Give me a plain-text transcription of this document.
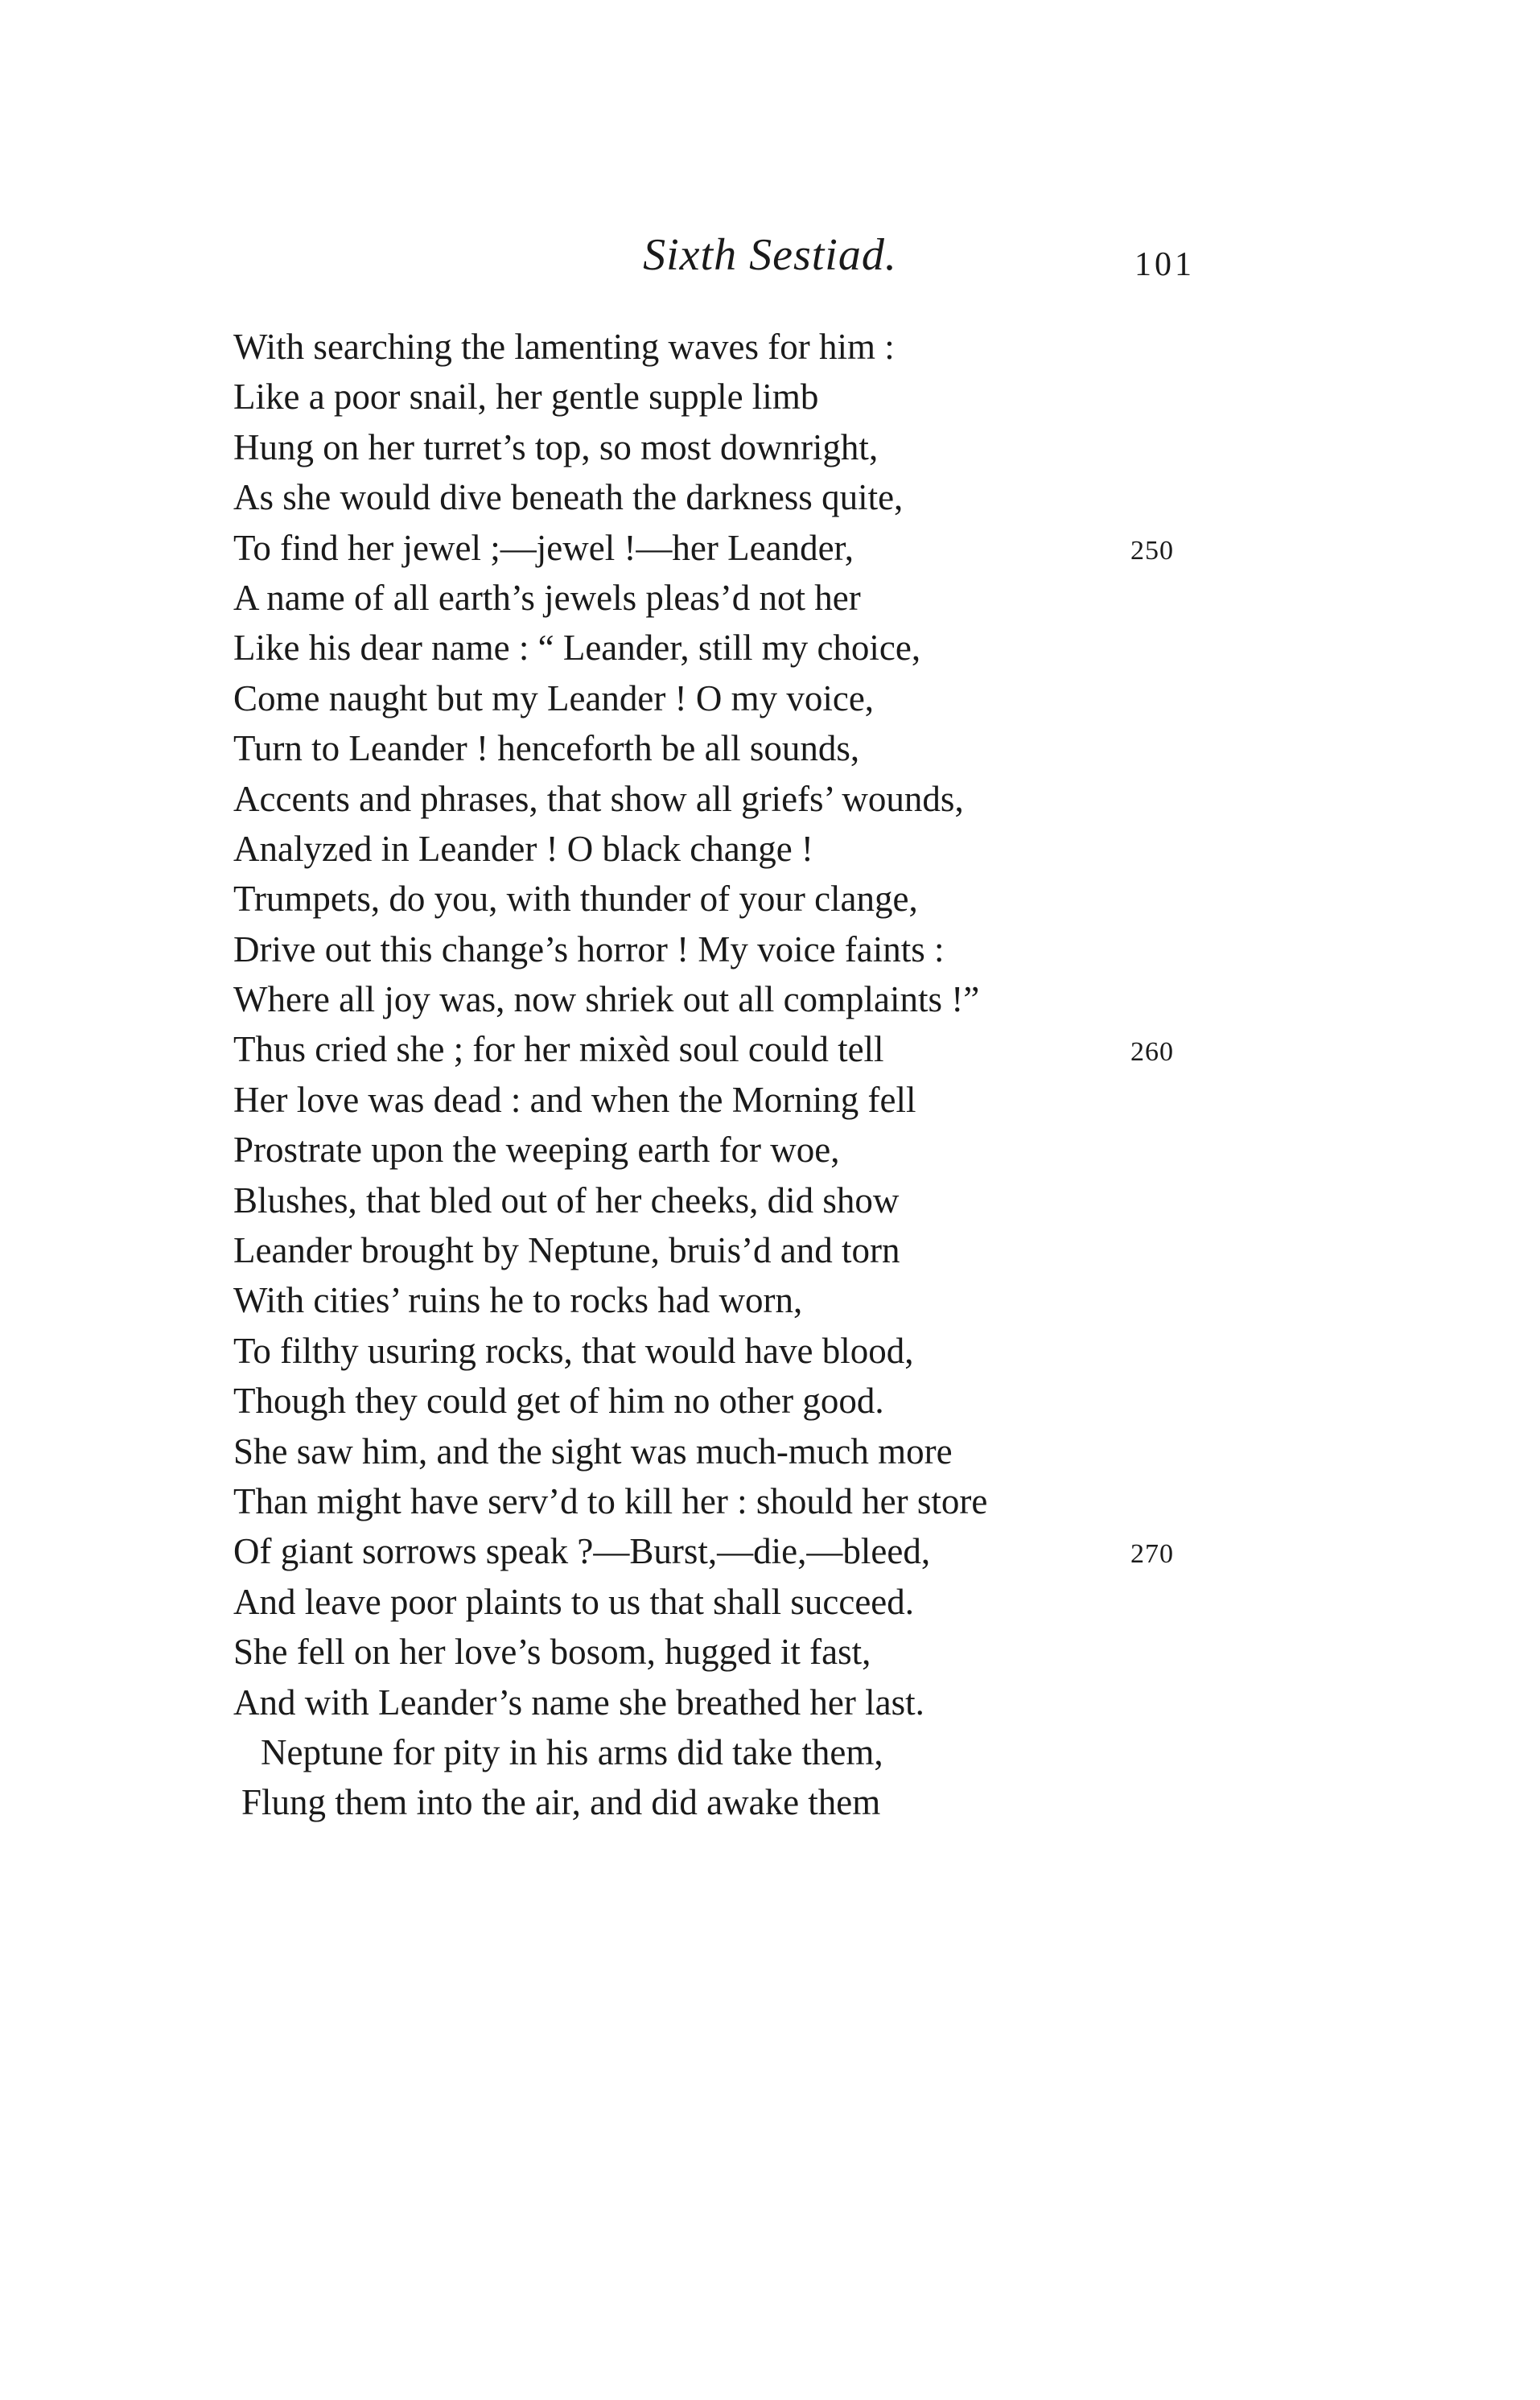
Sixth Sestiad.	101
With searching the lamenting waves for him :
Like a poor snail, her gentle supple limb
Hung on her turret’s top, so most downright,
As she would dive beneath the darkness quite,
To find her jewel ;—jewel !—her Leander,	250
A name of all earth’s jewels pleas’d not her
Like his dear name : “ Leander, still my choice,
Come naught but my Leander ! O my voice,
Turn to Leander ! henceforth be all sounds,
Accents and phrases, that show all griefs’ wounds,
Analyzed in Leander ! O black change !
Trumpets, do you, with thunder of your clange,
Drive out this change’s horror ! My voice faints :
Where all joy was, now shriek out all complaints !”
Thus cried she ; for her mixèd soul could tell	260
Her love was dead : and when the Morning fell
Prostrate upon the weeping earth for woe,
Blushes, that bled out of her cheeks, did show
Leander brought by Neptune, bruis’d and torn
With cities’ ruins he to rocks had worn,
To filthy usuring rocks, that would have blood,
Though they could get of him no other good.
She saw him, and the sight was much-much more
Than might have serv’d to kill her : should her store
Of giant sorrows speak ?—Burst,—die,—bleed,	270
And leave poor plaints to us that shall succeed.
She fell on her love’s bosom, hugged it fast,
And with Leander’s name she breathed her last.
Neptune for pity in his arms did take them,
Flung them into the air, and did awake them
